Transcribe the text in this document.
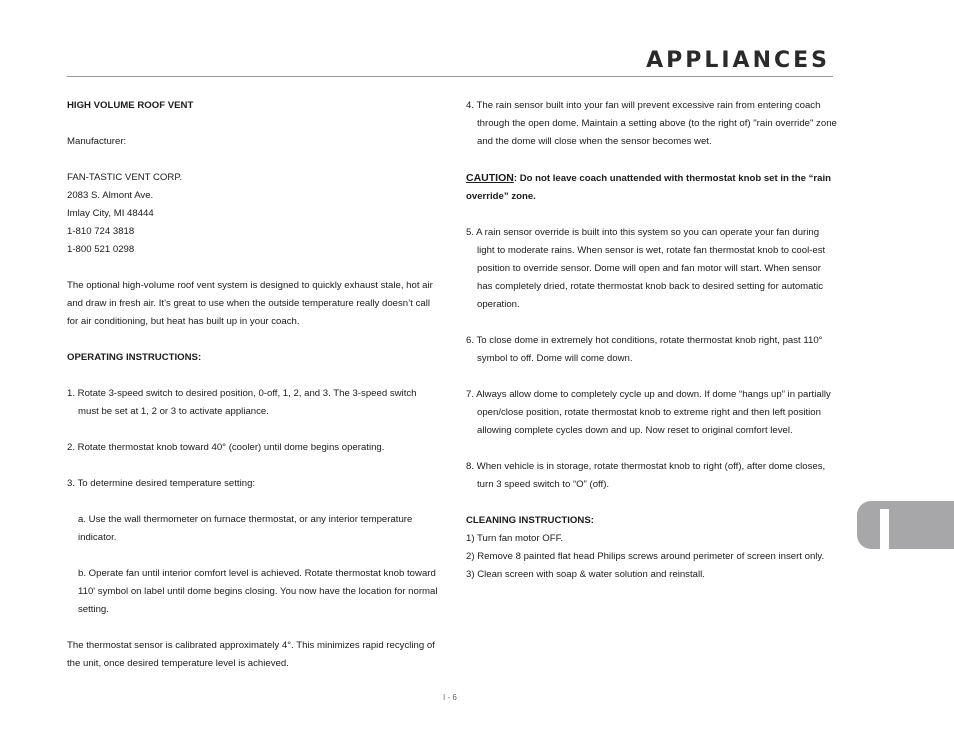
APPLIANCES
HIGH VOLUME ROOF VENT
Manufacturer:
FAN-TASTIC VENT CORP.
2083 S. Almont Ave.
Imlay City, MI 48444
1-810 724 3818
1-800 521 0298
The optional high-volume roof vent system is designed to quickly exhaust stale, hot air and draw in fresh air. It’s great to use when the outside temperature really doesn’t call for air conditioning, but heat has built up in your coach.
OPERATING INSTRUCTIONS:
1. Rotate 3-speed switch to desired position, 0-off, 1, 2, and 3. The 3-speed switch must be set at 1, 2 or 3 to activate appliance.
2. Rotate thermostat knob toward 40° (cooler) until dome begins operating.
3. To determine desired temperature setting:
a. Use the wall thermometer on furnace thermostat, or any interior temperature indicator.
b. Operate fan until interior comfort level is achieved. Rotate thermostat knob toward 110' symbol on label until dome begins closing. You now have the location for normal setting.
The thermostat sensor is calibrated approximately 4°. This minimizes rapid recycling of the unit, once desired temperature level is achieved.
4. The rain sensor built into your fan will prevent excessive rain from entering coach through the open dome. Maintain a setting above (to the right of) "rain override" zone and the dome will close when the sensor becomes wet.
CAUTION: Do not leave coach unattended with thermostat knob set in the “rain override” zone.
5. A rain sensor override is built into this system so you can operate your fan during light to moderate rains. When sensor is wet, rotate fan thermostat knob to cool-est position to override sensor. Dome will open and fan motor will start. When sensor has completely dried, rotate thermostat knob back to desired setting for automatic operation.
6. To close dome in extremely hot conditions, rotate thermostat knob right, past 110° symbol to off. Dome will come down.
7. Always allow dome to completely cycle up and down. If dome “hangs up” in partially open/close position, rotate thermostat knob to extreme right and then left position allowing complete cycles down and up. Now reset to original comfort level.
8. When vehicle is in storage, rotate thermostat knob to right (off), after dome closes, turn 3 speed switch to “O” (off).
CLEANING INSTRUCTIONS:
1) Turn fan motor OFF.
2) Remove 8 painted flat head Philips screws around perimeter of screen insert only.
3) Clean screen with soap & water solution and reinstall.
I - 6
